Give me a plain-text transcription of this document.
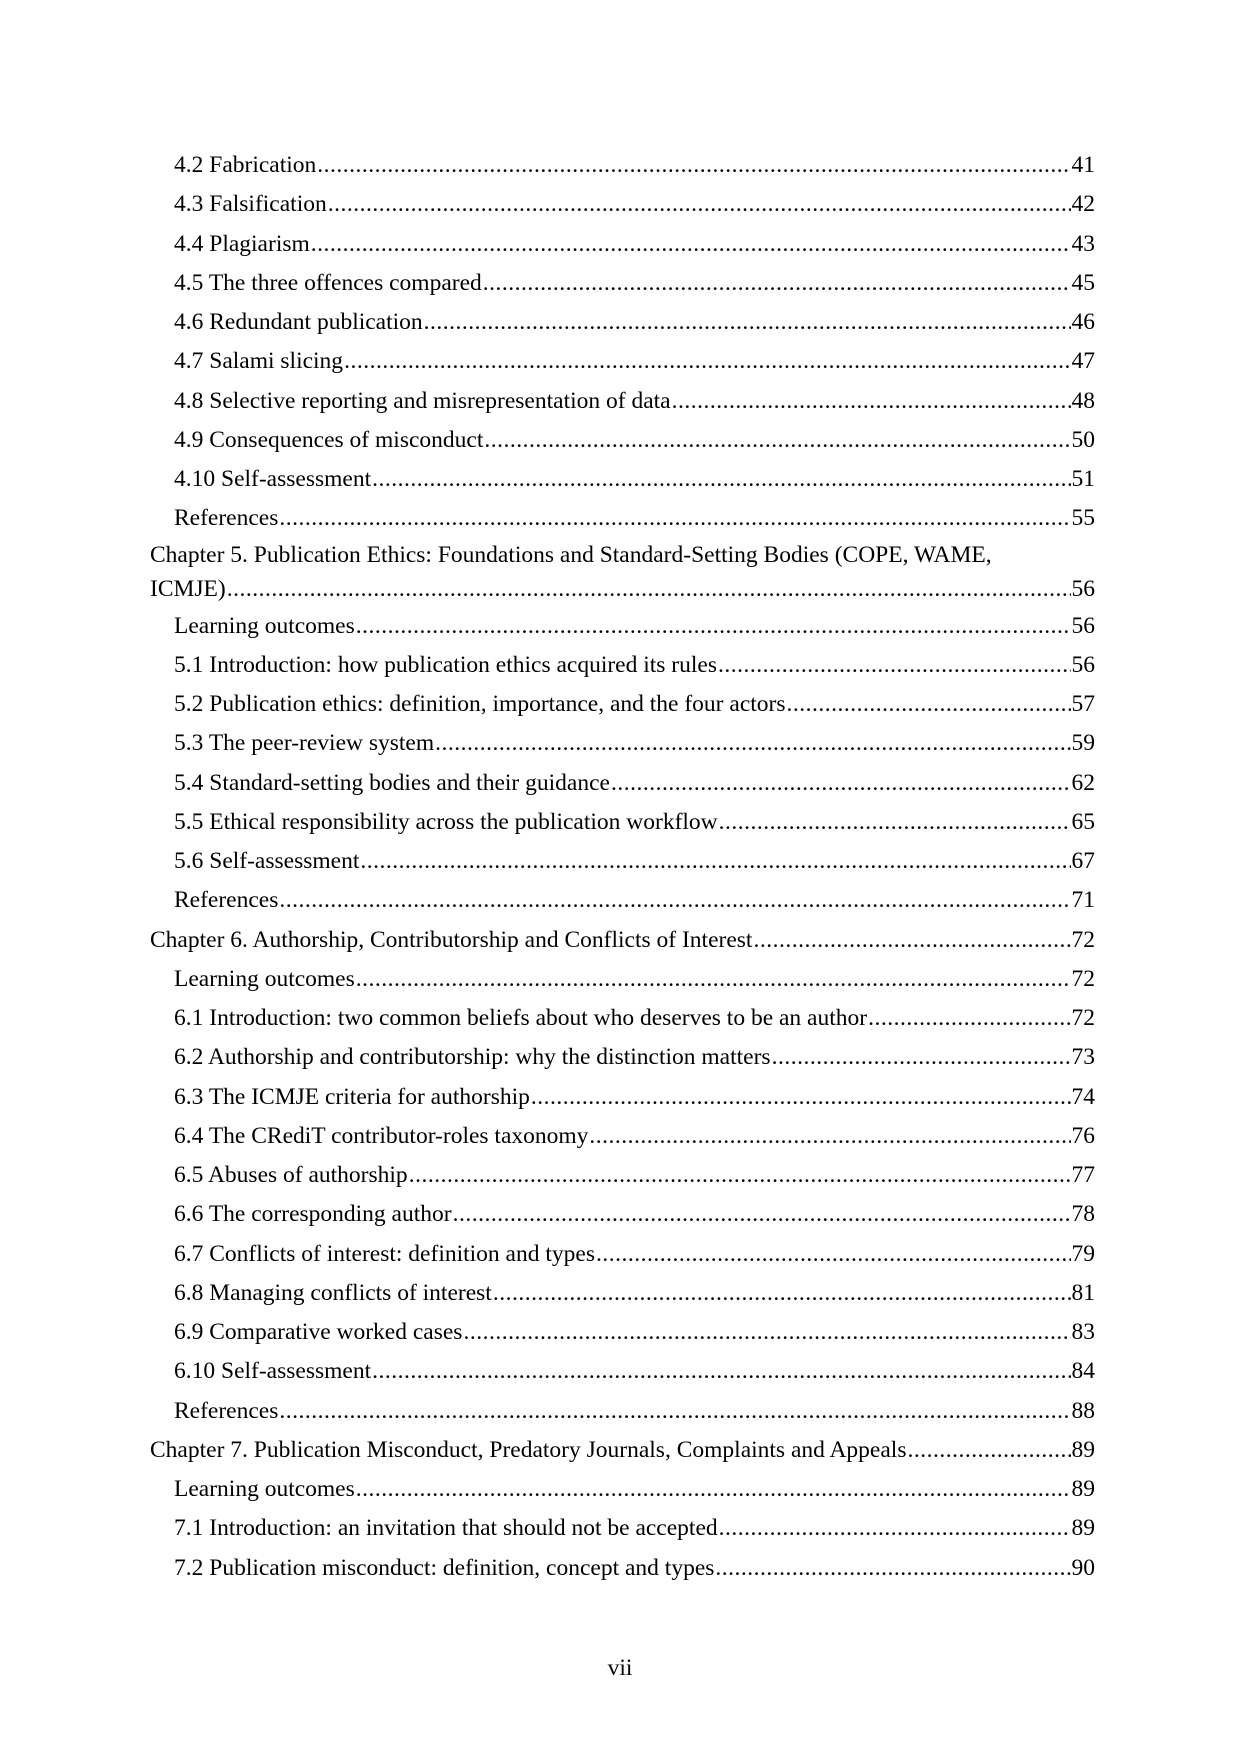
4.2 Fabrication .....	41
4.3 Falsification .....	42
4.4 Plagiarism .....	43
4.5 The three offences compared .....	45
4.6 Redundant publication .....	46
4.7 Salami slicing .....	47
4.8 Selective reporting and misrepresentation of data .....	48
4.9 Consequences of misconduct .....	50
4.10 Self-assessment .....	51
References .....	55
Chapter 5. Publication Ethics: Foundations and Standard-Setting Bodies (COPE, WAME,
ICMJE) .....	56
Learning outcomes .....	56
5.1 Introduction: how publication ethics acquired its rules .....	56
5.2 Publication ethics: definition, importance, and the four actors .....	57
5.3 The peer-review system .....	59
5.4 Standard-setting bodies and their guidance .....	62
5.5 Ethical responsibility across the publication workflow .....	65
5.6 Self-assessment .....	67
References .....	71
Chapter 6. Authorship, Contributorship and Conflicts of Interest .....	72
Learning outcomes .....	72
6.1 Introduction: two common beliefs about who deserves to be an author .....	72
6.2 Authorship and contributorship: why the distinction matters .....	73
6.3 The ICMJE criteria for authorship .....	74
6.4 The CRediT contributor-roles taxonomy .....	76
6.5 Abuses of authorship .....	77
6.6 The corresponding author .....	78
6.7 Conflicts of interest: definition and types .....	79
6.8 Managing conflicts of interest .....	81
6.9 Comparative worked cases .....	83
6.10 Self-assessment .....	84
References .....	88
Chapter 7. Publication Misconduct, Predatory Journals, Complaints and Appeals .....	89
Learning outcomes .....	89
7.1 Introduction: an invitation that should not be accepted .....	89
7.2 Publication misconduct: definition, concept and types .....	90
vii
